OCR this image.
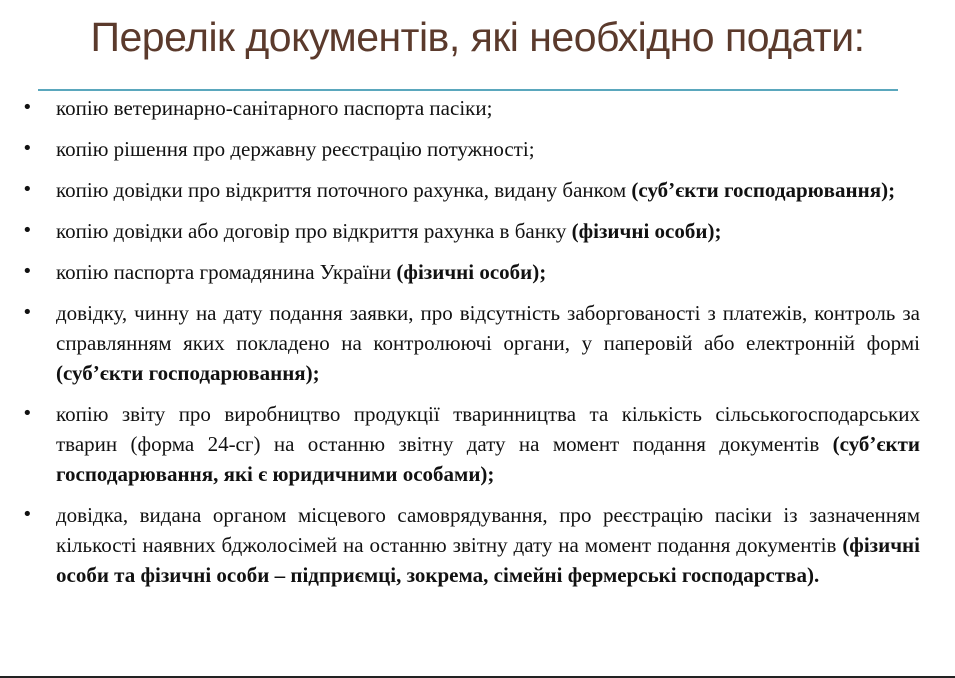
Перелік документів, які необхідно подати:
• копію ветеринарно-санітарного паспорта пасіки;
• копію рішення про державну реєстрацію потужності;
• копію довідки про відкриття поточного рахунка, видану банком (суб’єкти господарювання);
• копію довідки або договір про відкриття рахунка в банку (фізичні особи);
• копію паспорта громадянина України (фізичні особи);
• довідку, чинну на дату подання заявки, про відсутність заборгованості з платежів, контроль за справлянням яких покладено на контролюючі органи, у паперовій або електронній формі (суб’єкти господарювання);
• копію звіту про виробництво продукції тваринництва та кількість сільськогосподарських тварин (форма 24-сг) на останню звітну дату на момент подання документів (суб’єкти господарювання, які є юридичними особами);
• довідка, видана органом місцевого самоврядування, про реєстрацію пасіки із зазначенням кількості наявних бджолосімей на останню звітну дату на момент подання документів (фізичні особи та фізичні особи – підприємці, зокрема, сімейні фермерські господарства).
